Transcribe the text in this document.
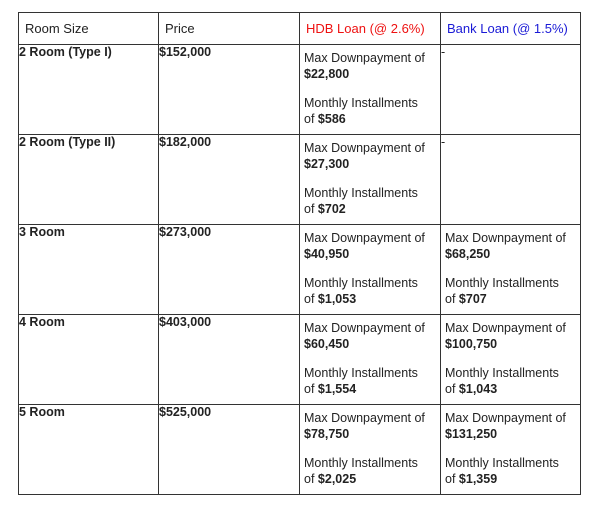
Room Size	Price	HDB Loan (@ 2.6%)	Bank Loan (@ 1.5%)
2 Room (Type I)	$152,000	Max Downpayment of
$22,800
Monthly Installments
of $586	-
2 Room (Type II)	$182,000	Max Downpayment of
$27,300
Monthly Installments
of $702	-
3 Room	$273,000	Max Downpayment of
$40,950
Monthly Installments
of $1,053	Max Downpayment of
$68,250
Monthly Installments
of $707

4 Room	$403,000	Max Downpayment of
$60,450
Monthly Installments
of $1,554	Max Downpayment of
$100,750
Monthly Installments
of $1,043

5 Room	$525,000	Max Downpayment of
$78,750
Monthly Installments
of $2,025	Max Downpayment of
$131,250
Monthly Installments
of $1,359
